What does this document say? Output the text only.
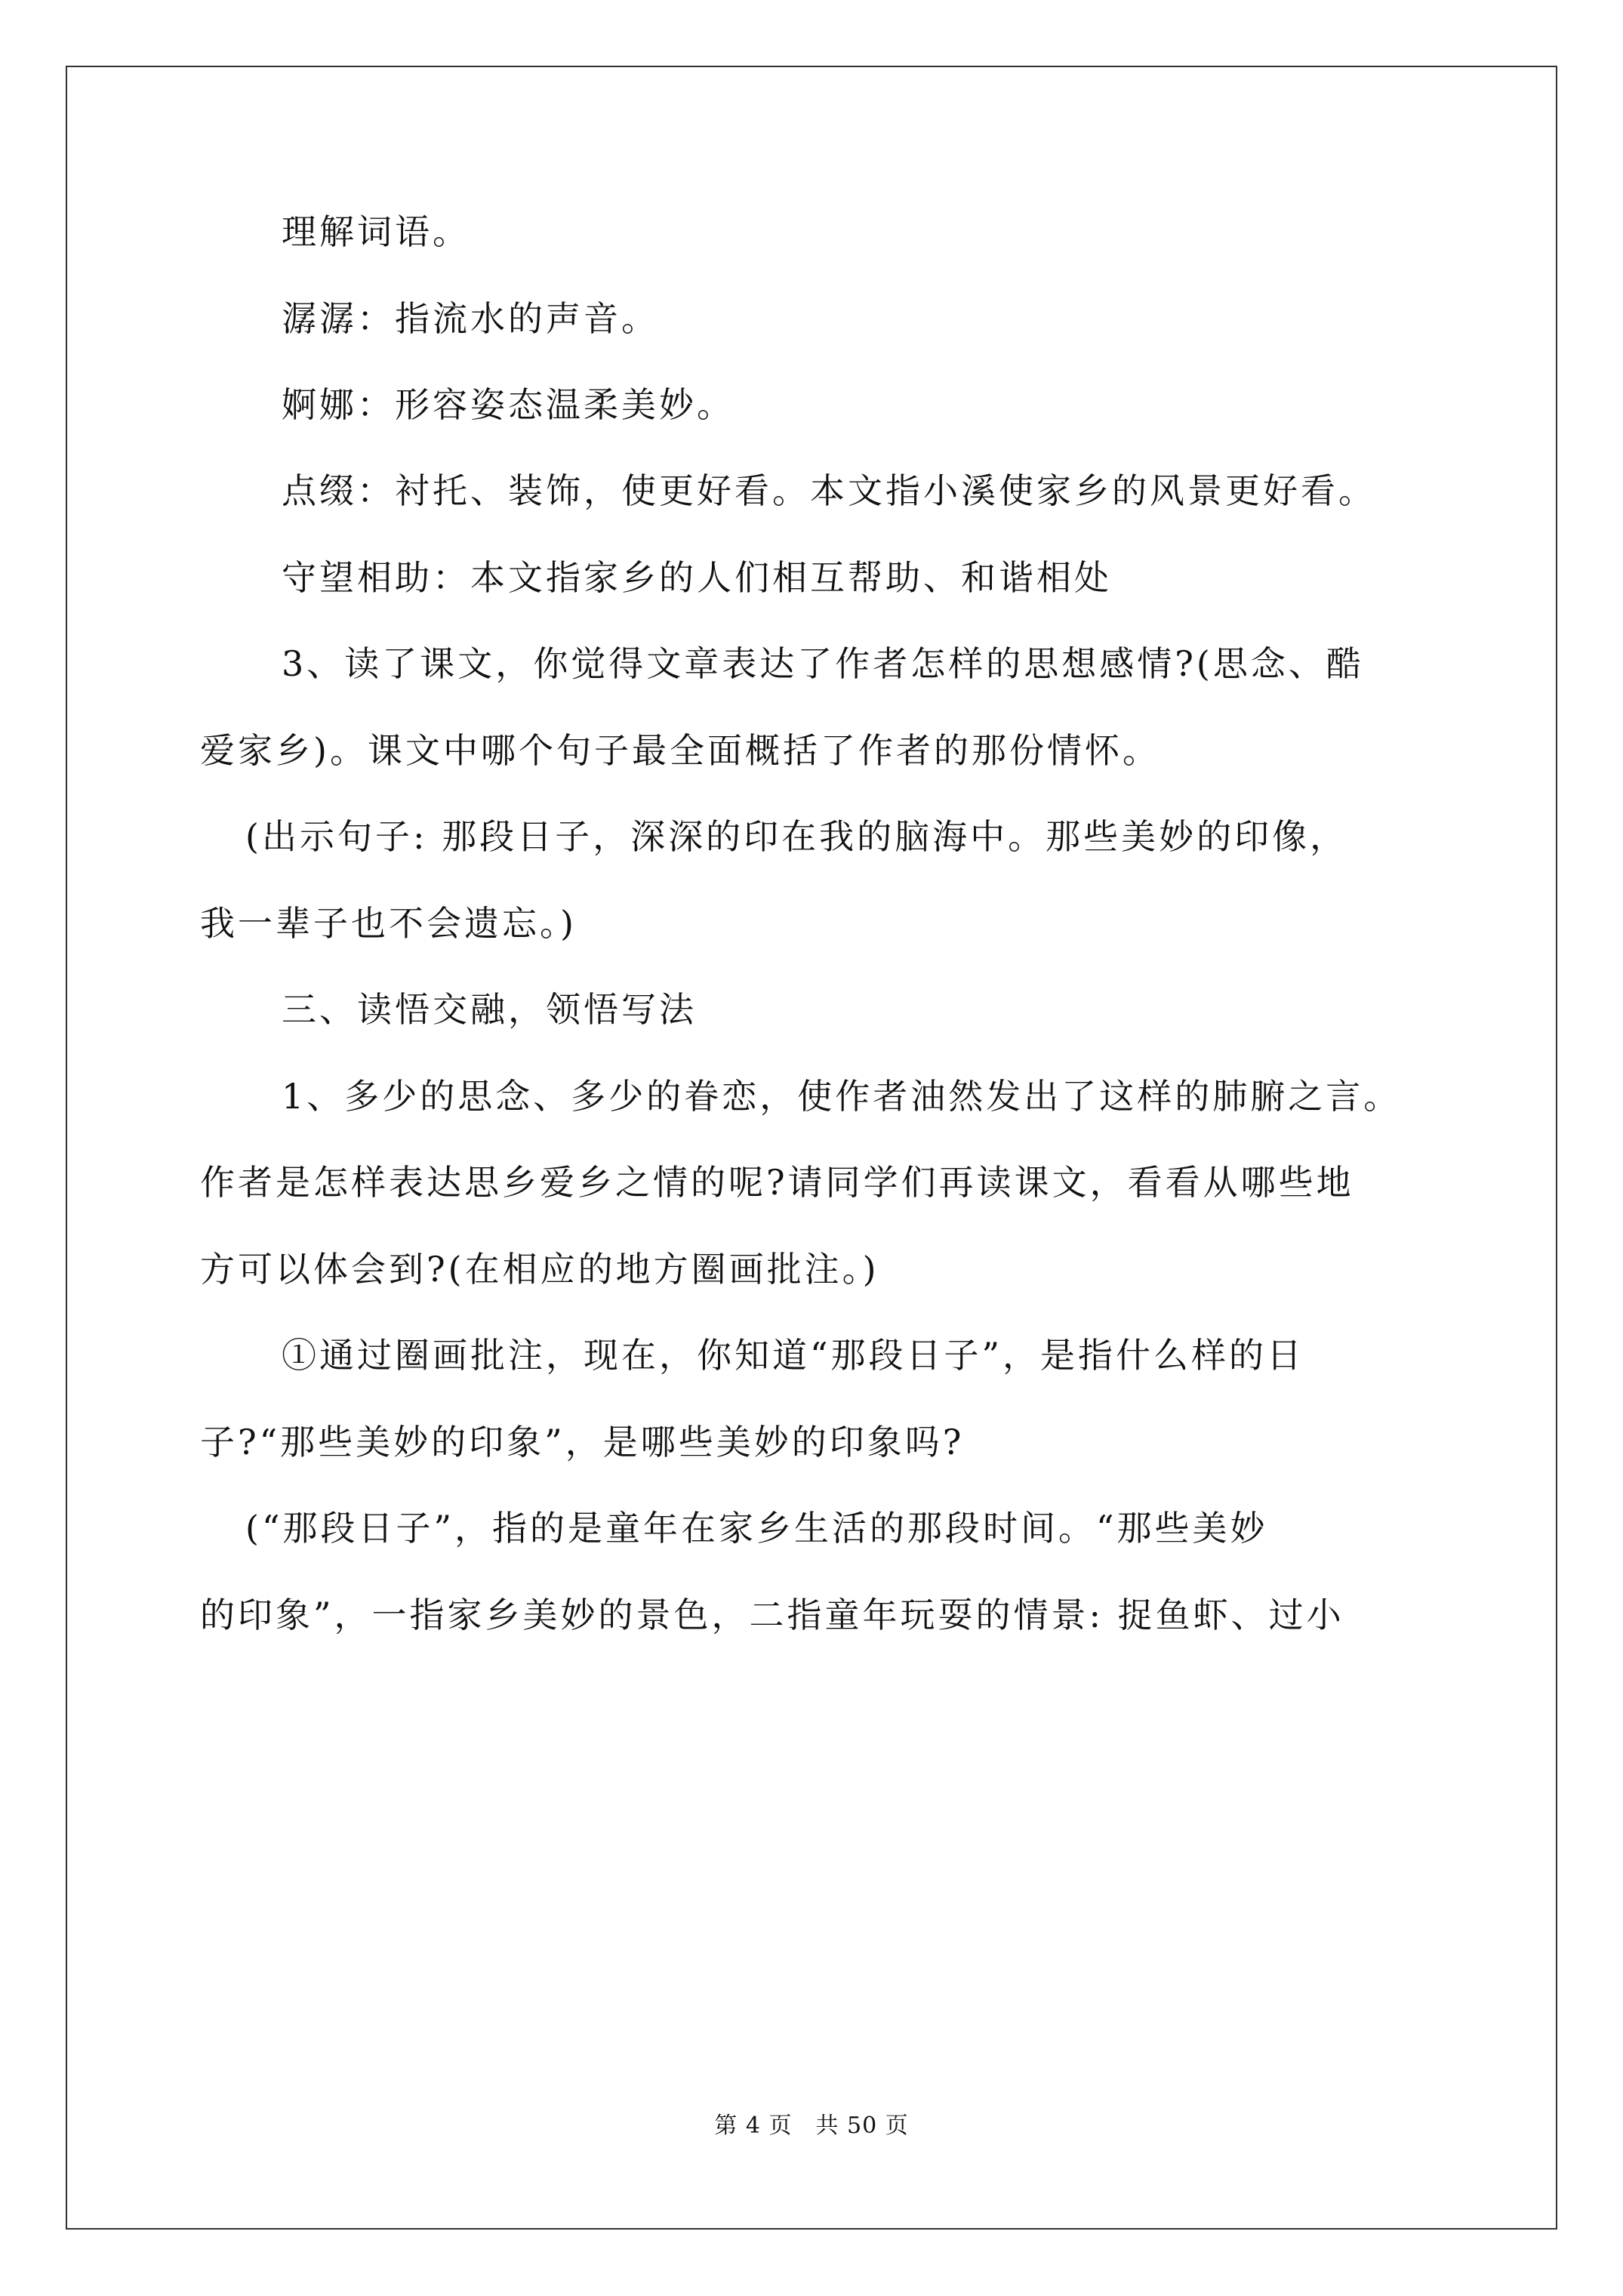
理解词语。
潺潺：指流水的声音。
婀娜：形容姿态温柔美妙。
点缀：衬托、装饰，使更好看。本文指小溪使家乡的风景更好看。
守望相助：本文指家乡的人们相互帮助、和谐相处
3、读了课文，你觉得文章表达了作者怎样的思想感情?(思念、酷
爱家乡)。课文中哪个句子最全面概括了作者的那份情怀。
(出示句子: 那段日子，深深的印在我的脑海中。那些美妙的印像，
我一辈子也不会遗忘。)
三、读悟交融，领悟写法
1、多少的思念、多少的眷恋，使作者油然发出了这样的肺腑之言。
作者是怎样表达思乡爱乡之情的呢?请同学们再读课文，看看从哪些地
方可以体会到?(在相应的地方圈画批注。)
①通过圈画批注，现在，你知道“那段日子”，是指什么样的日
子?“那些美妙的印象”，是哪些美妙的印象吗?
(“那段日子”，指的是童年在家乡生活的那段时间。“那些美妙
的印象”，一指家乡美妙的景色，二指童年玩耍的情景: 捉鱼虾、过小
第 4 页　共 50 页
